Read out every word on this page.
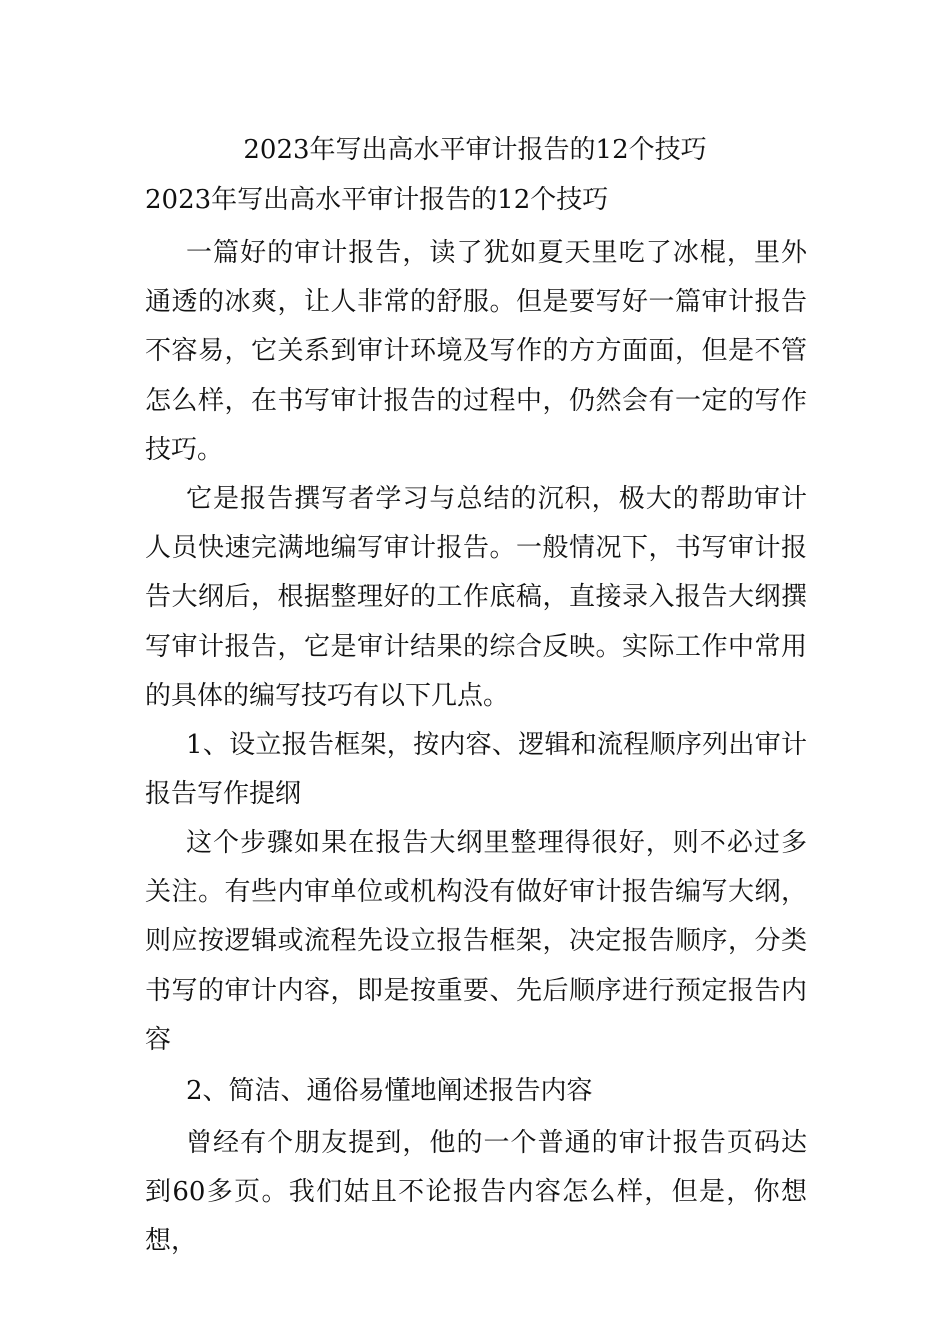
2023年写出高水平审计报告的12个技巧
2023年写出高水平审计报告的12个技巧

一篇好的审计报告，读了犹如夏天里吃了冰棍，里外通透的冰爽，让人非常的舒服。但是要写好一篇审计报告不容易，它关系到审计环境及写作的方方面面，但是不管怎么样，在书写审计报告的过程中，仍然会有一定的写作技巧。

它是报告撰写者学习与总结的沉积，极大的帮助审计人员快速完满地编写审计报告。一般情况下，书写审计报告大纲后，根据整理好的工作底稿，直接录入报告大纲撰写审计报告，它是审计结果的综合反映。实际工作中常用的具体的编写技巧有以下几点。

1、设立报告框架，按内容、逻辑和流程顺序列出审计报告写作提纲

这个步骤如果在报告大纲里整理得很好，则不必过多关注。有些内审单位或机构没有做好审计报告编写大纲，则应按逻辑或流程先设立报告框架，决定报告顺序，分类书写的审计内容，即是按重要、先后顺序进行预定报告内容

2、简洁、通俗易懂地阐述报告内容

曾经有个朋友提到，他的一个普通的审计报告页码达到60多页。我们姑且不论报告内容怎么样，但是，你想想，
